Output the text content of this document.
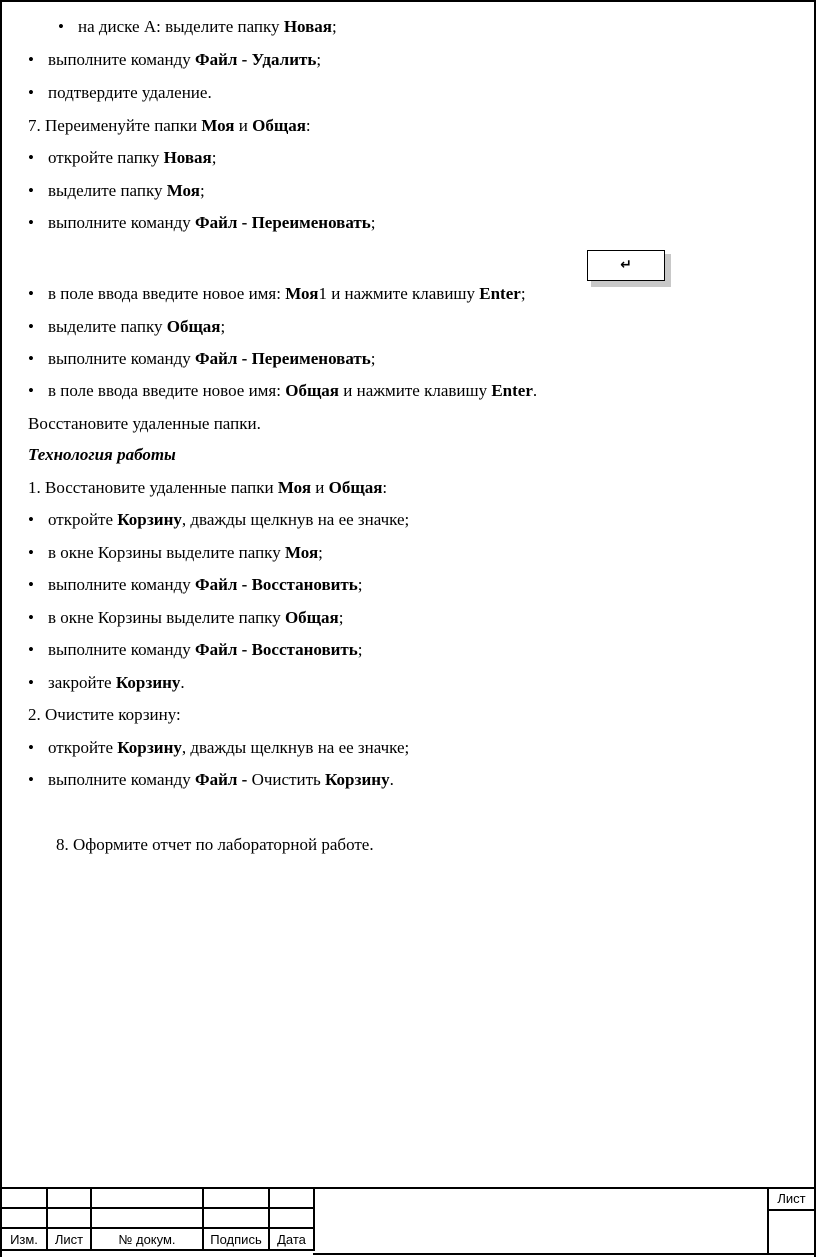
• на диске А: выделите папку Новая;
• выполните команду Файл - Удалить;
• подтвердите удаление.
7. Переименуйте папки Моя и Общая:
• откройте папку Новая;
• выделите папку Моя;
• выполните команду Файл - Переименовать;
• в поле ввода введите новое имя: Моя1 и нажмите клавишу Enter;
• выделите папку Общая;
• выполните команду Файл - Переименовать;
• в поле ввода введите новое имя: Общая и нажмите клавишу Enter.
Восстановите удаленные папки.
Технология работы
1. Восстановите удаленные папки Моя и Общая:
• откройте Корзину, дважды щелкнув на ее значке;
• в окне Корзины выделите папку Моя;
• выполните команду Файл - Восстановить;
• в окне Корзины выделите папку Общая;
• выполните команду Файл - Восстановить;
• закройте Корзину.
2. Очистите корзину:
• откройте Корзину, дважды щелкнув на ее значке;
• выполните команду Файл - Очистить Корзину.
8. Оформите отчет по лабораторной работе.
↵

Изм.	Лист	№ докум.	Подпись	Дата
Лист
